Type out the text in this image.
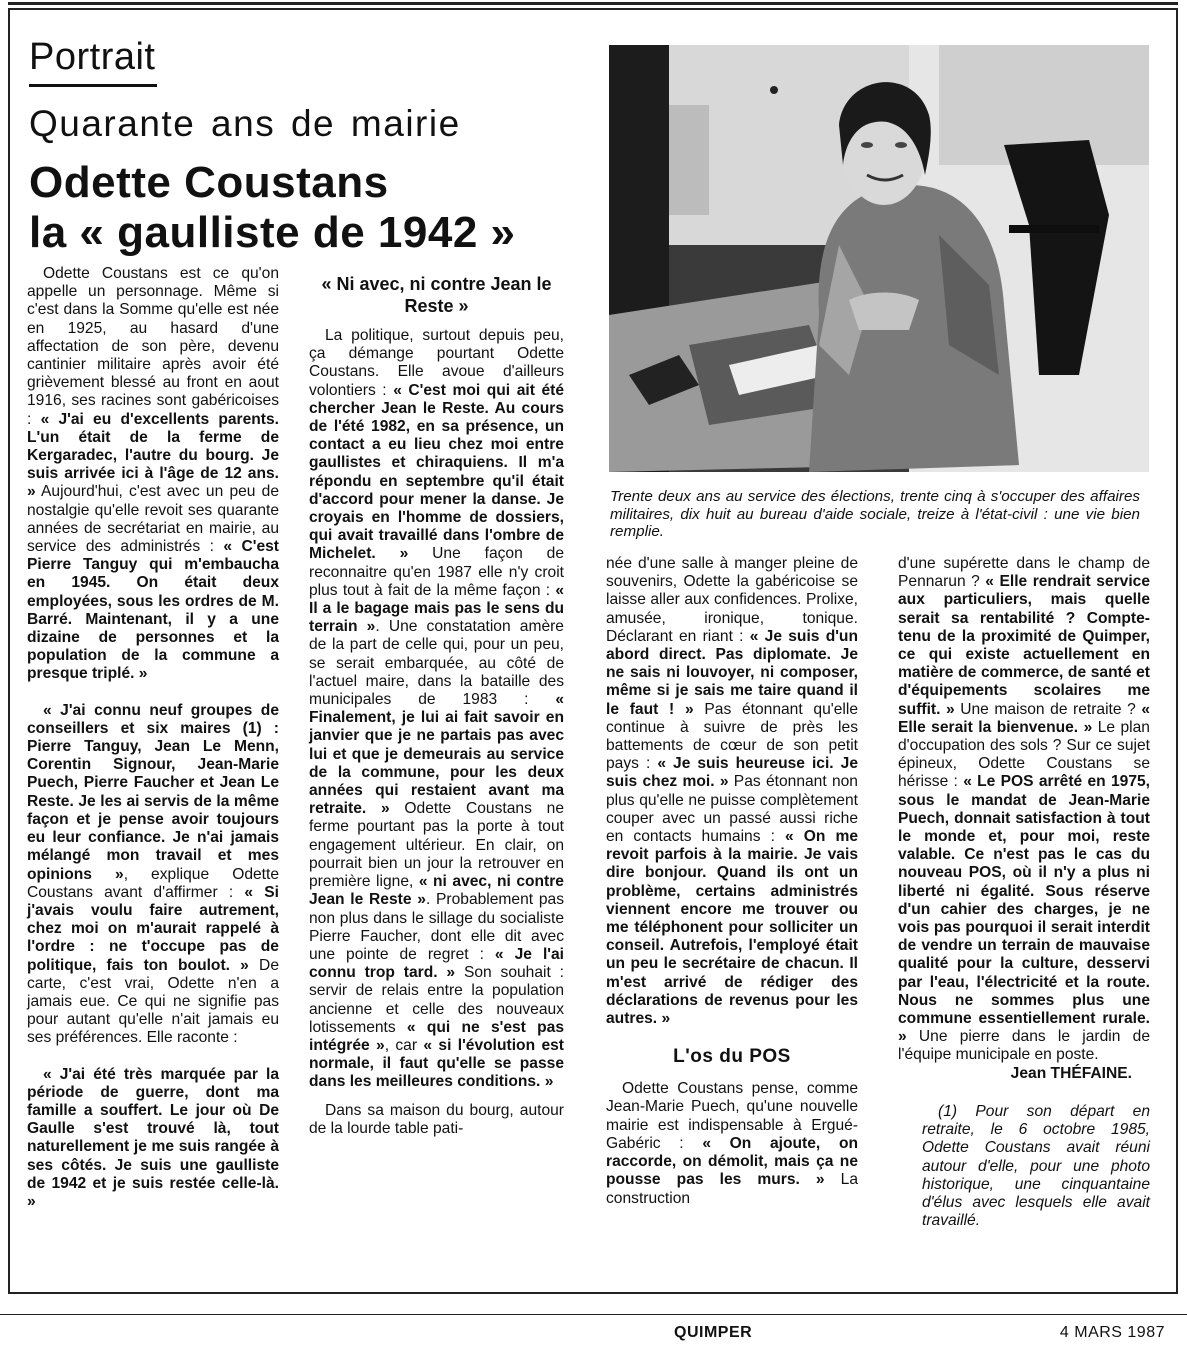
Portrait
Quarante ans de mairie
Odette Coustans
la « gaulliste de 1942 »

Odette Coustans est ce qu'on appelle un personnage. Même si c'est dans la Somme qu'elle est née en 1925, au hasard d'une affectation de son père, devenu cantinier militaire après avoir été grièvement blessé au front en aout 1916, ses racines sont gabéricoises : « J'ai eu d'excellents parents. L'un était de la ferme de Kergaradec, l'autre du bourg. Je suis arrivée ici à l'âge de 12 ans. » Aujourd'hui, c'est avec un peu de nostalgie qu'elle revoit ses quarante années de secrétariat en mairie, au service des administrés : « C'est Pierre Tanguy qui m'embaucha en 1945. On était deux employées, sous les ordres de M. Barré. Maintenant, il y a une dizaine de personnes et la population de la commune a presque triplé. »

« J'ai connu neuf groupes de conseillers et six maires (1) : Pierre Tanguy, Jean Le Menn, Corentin Signour, Jean-Marie Puech, Pierre Faucher et Jean Le Reste. Je les ai servis de la même façon et je pense avoir toujours eu leur confiance. Je n'ai jamais mélangé mon travail et mes opinions », explique Odette Coustans avant d'affirmer : « Si j'avais voulu faire autrement, chez moi on m'aurait rappelé à l'ordre : ne t'occupe pas de politique, fais ton boulot. » De carte, c'est vrai, Odette n'en a jamais eue. Ce qui ne signifie pas pour autant qu'elle n'ait jamais eu ses préférences. Elle raconte :

« J'ai été très marquée par la période de guerre, dont ma famille a souffert. Le jour où De Gaulle s'est trouvé là, tout naturellement je me suis rangée à ses côtés. Je suis une gaulliste de 1942 et je suis restée celle-là. »

« Ni avec, ni contre Jean le Reste »

La politique, surtout depuis peu, ça démange pourtant Odette Coustans. Elle avoue d'ailleurs volontiers : « C'est moi qui ait été chercher Jean le Reste. Au cours de l'été 1982, en sa présence, un contact a eu lieu chez moi entre gaullistes et chiraquiens. Il m'a répondu en septembre qu'il était d'accord pour mener la danse. Je croyais en l'homme de dossiers, qui avait travaillé dans l'ombre de Michelet. » Une façon de reconnaitre qu'en 1987 elle n'y croit plus tout à fait de la même façon : « Il a le bagage mais pas le sens du terrain ». Une constatation amère de la part de celle qui, pour un peu, se serait embarquée, au côté de l'actuel maire, dans la bataille des municipales de 1983 : « Finalement, je lui ai fait savoir en janvier que je ne partais pas avec lui et que je demeurais au service de la commune, pour les deux années qui restaient avant ma retraite. » Odette Coustans ne ferme pourtant pas la porte à tout engagement ultérieur. En clair, on pourrait bien un jour la retrouver en première ligne, « ni avec, ni contre Jean le Reste ». Probablement pas non plus dans le sillage du socialiste Pierre Faucher, dont elle dit avec une pointe de regret : « Je l'ai connu trop tard. » Son souhait : servir de relais entre la population ancienne et celle des nouveaux lotissements « qui ne s'est pas intégrée », car « si l'évolution est normale, il faut qu'elle se passe dans les meilleures conditions. »

Dans sa maison du bourg, autour de la lourde table pati-

Trente deux ans au service des élections, trente cinq à s'occuper des affaires militaires, dix huit au bureau d'aide sociale, treize à l'état-civil : une vie bien remplie.

née d'une salle à manger pleine de souvenirs, Odette la gabéricoise se laisse aller aux confidences. Prolixe, amusée, ironique, tonique. Déclarant en riant : « Je suis d'un abord direct. Pas diplomate. Je ne sais ni louvoyer, ni composer, même si je sais me taire quand il le faut ! » Pas étonnant qu'elle continue à suivre de près les battements de cœur de son petit pays : « Je suis heureuse ici. Je suis chez moi. » Pas étonnant non plus qu'elle ne puisse complètement couper avec un passé aussi riche en contacts humains : « On me revoit parfois à la mairie. Je vais dire bonjour. Quand ils ont un problème, certains administrés viennent encore me trouver ou me téléphonent pour solliciter un conseil. Autrefois, l'employé était un peu le secrétaire de chacun. Il m'est arrivé de rédiger des déclarations de revenus pour les autres. »

L'os du POS

Odette Coustans pense, comme Jean-Marie Puech, qu'une nouvelle mairie est indispensable à Ergué-Gabéric : « On ajoute, on raccorde, on démolit, mais ça ne pousse pas les murs. » La construction

d'une supérette dans le champ de Pennarun ? « Elle rendrait service aux particuliers, mais quelle serait sa rentabilité ? Compte-tenu de la proximité de Quimper, ce qui existe actuellement en matière de commerce, de santé et d'équipements scolaires me suffit. » Une maison de retraite ? « Elle serait la bienvenue. » Le plan d'occupation des sols ? Sur ce sujet épineux, Odette Coustans se hérisse : « Le POS arrêté en 1975, sous le mandat de Jean-Marie Puech, donnait satisfaction à tout le monde et, pour moi, reste valable. Ce n'est pas le cas du nouveau POS, où il n'y a plus ni liberté ni égalité. Sous réserve d'un cahier des charges, je ne vois pas pourquoi il serait interdit de vendre un terrain de mauvaise qualité pour la culture, desservi par l'eau, l'électricité et la route. Nous ne sommes plus une commune essentiellement rurale. » Une pierre dans le jardin de l'équipe municipale en poste.

Jean THÉFAINE.

(1) Pour son départ en retraite, le 6 octobre 1985, Odette Coustans avait réuni autour d'elle, pour une photo historique, une cinquantaine d'élus avec lesquels elle avait travaillé.

QUIMPER	4 MARS 1987
